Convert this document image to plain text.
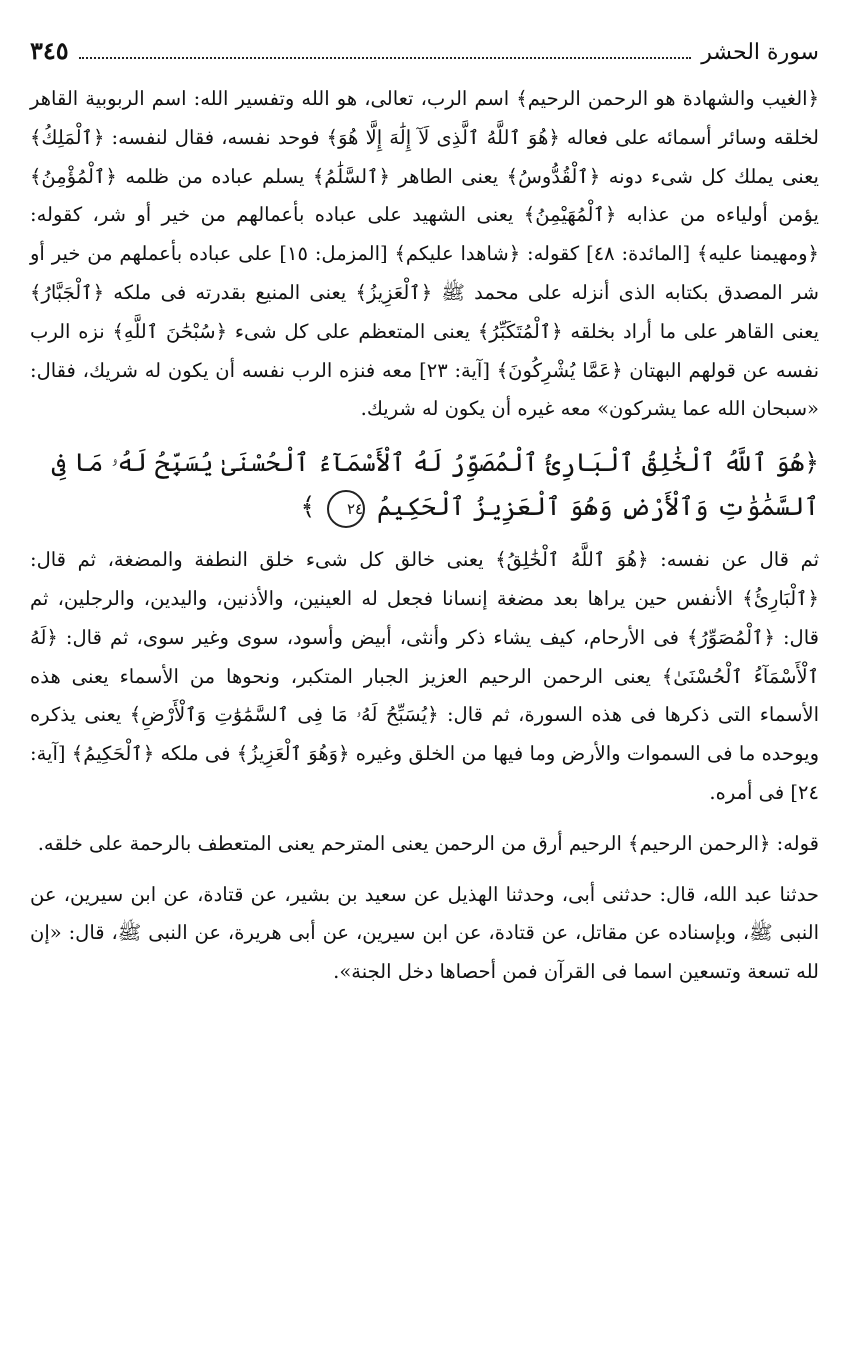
سورة الحشر
٣٤٥

﴿الغيب والشهادة هو الرحمن الرحيم﴾ اسم الرب، تعالى، هو الله وتفسير الله: اسم الربوبية القاهر لخلقه وسائر أسمائه على فعاله ﴿هُوَ ٱللَّهُ ٱلَّذِى لَآ إِلَٰهَ إِلَّا هُوَ﴾ فوحد نفسه، فقال لنفسه: ﴿ٱلْمَلِكُ﴾ يعنى يملك كل شىء دونه ﴿ٱلْقُدُّوسُ﴾ يعنى الطاهر ﴿ٱلسَّلَٰمُ﴾ يسلم عباده من ظلمه ﴿ٱلْمُؤْمِنُ﴾ يؤمن أولياءه من عذابه ﴿ٱلْمُهَيْمِنُ﴾ يعنى الشهيد على عباده بأعمالهم من خير أو شر، كقوله: ﴿ومهيمنا عليه﴾ [المائدة: ٤٨] كقوله: ﴿شاهدا عليكم﴾ [المزمل: ١٥] على عباده بأعملهم من خير أو شر المصدق بكتابه الذى أنزله على محمد ﷺ ﴿ٱلْعَزِيزُ﴾ يعنى المنيع بقدرته فى ملكه ﴿ٱلْجَبَّارُ﴾ يعنى القاهر على ما أراد بخلقه ﴿ٱلْمُتَكَبِّرُ﴾ يعنى المتعظم على كل شىء ﴿سُبْحَٰنَ ٱللَّهِ﴾ نزه الرب نفسه عن قولهم البهتان ﴿عَمَّا يُشْرِكُونَ﴾ [آية: ٢٣] معه فنزه الرب نفسه أن يكون له شريك، فقال: «سبحان الله عما يشركون» معه غيره أن يكون له شريك.

﴿هُوَ ٱللَّهُ ٱلْخَٰلِقُ ٱلْبَارِئُ ٱلْمُصَوِّرُ لَهُ ٱلْأَسْمَآءُ ٱلْحُسْنَىٰ يُسَبِّحُ لَهُۥ مَا فِى ٱلسَّمَٰوَٰتِ وَٱلْأَرْضِ وَهُوَ ٱلْعَزِيزُ ٱلْحَكِيمُ ٢٤ ﴾

ثم قال عن نفسه: ﴿هُوَ ٱللَّهُ ٱلْخَٰلِقُ﴾ يعنى خالق كل شىء خلق النطفة والمضغة، ثم قال: ﴿ٱلْبَارِئُ﴾ الأنفس حين يراها بعد مضغة إنسانا فجعل له العينين، والأذنين، واليدين، والرجلين، ثم قال: ﴿ٱلْمُصَوِّرُ﴾ فى الأرحام، كيف يشاء ذكر وأنثى، أبيض وأسود، سوى وغير سوى، ثم قال: ﴿لَهُ ٱلْأَسْمَآءُ ٱلْحُسْنَىٰ﴾ يعنى الرحمن الرحيم العزيز الجبار المتكبر، ونحوها من الأسماء يعنى هذه الأسماء التى ذكرها فى هذه السورة، ثم قال: ﴿يُسَبِّحُ لَهُۥ مَا فِى ٱلسَّمَٰوَٰتِ وَٱلْأَرْضِ﴾ يعنى يذكره ويوحده ما فى السموات والأرض وما فيها من الخلق وغيره ﴿وَهُوَ ٱلْعَزِيزُ﴾ فى ملكه ﴿ٱلْحَكِيمُ﴾ [آية: ٢٤] فى أمره.

قوله: ﴿الرحمن الرحيم﴾ الرحيم أرق من الرحمن يعنى المترحم يعنى المتعطف بالرحمة على خلقه.

حدثنا عبد الله، قال: حدثنى أبى، وحدثنا الهذيل عن سعيد بن بشير، عن قتادة، عن ابن سيرين، عن النبى ﷺ، وبإسناده عن مقاتل، عن قتادة، عن ابن سيرين، عن أبى هريرة، عن النبى ﷺ، قال: «إن لله تسعة وتسعين اسما فى القرآن فمن أحصاها دخل الجنة».
